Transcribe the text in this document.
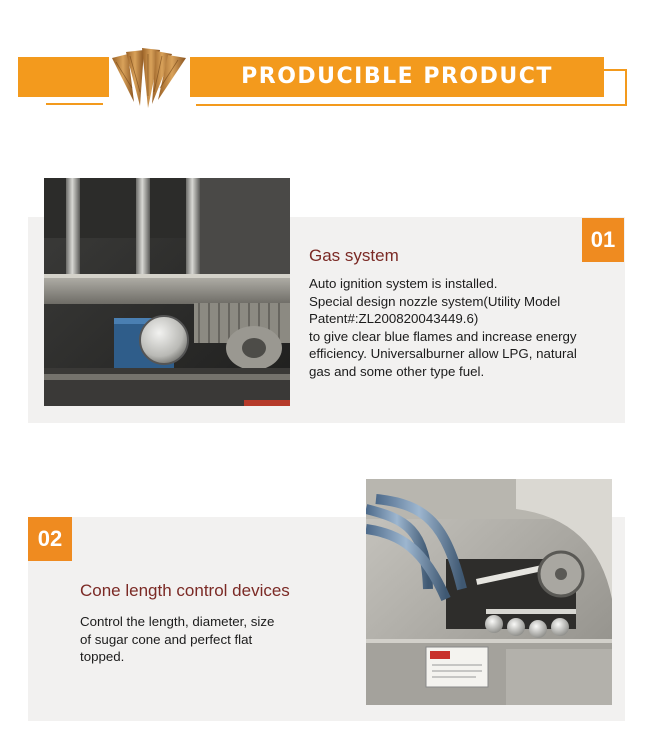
PRODUCIBLE PRODUCT
01
Gas system

Auto ignition system is installed.
Special design nozzle system(Utility Model
Patent#:ZL200820043449.6)
to give clear blue flames and increase energy
efficiency. Universalburner allow LPG, natural
gas and some other type fuel.

02
Cone length control devices

Control the length, diameter, size
of sugar cone and perfect flat
topped.
